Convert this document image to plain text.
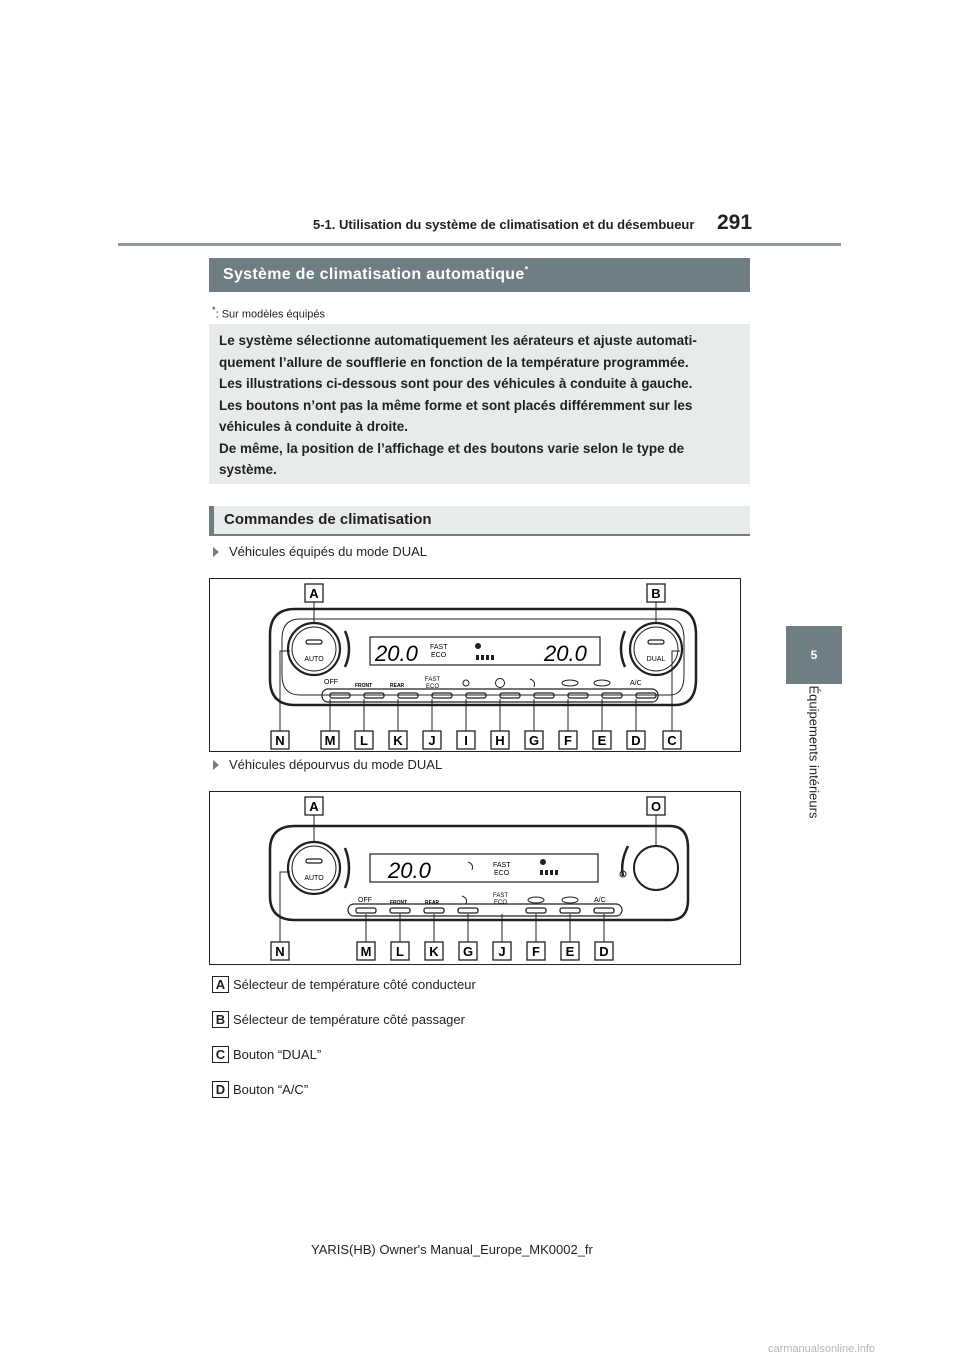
291
5-1. Utilisation du système de climatisation et du désembueur
5
Équipements intérieurs
Système de climatisation automatique*
*: Sur modèles équipés

Le système sélectionne automatiquement les aérateurs et ajuste automati-

quement l’allure de soufflerie en fonction de la température programmée.

Les illustrations ci-dessous sont pour des véhicules à conduite à gauche.

Les boutons n’ont pas la même forme et sont placés différemment sur les

véhicules à conduite à droite.

De même, la position de l’affichage et des boutons varie selon le type de

système.

Commandes de climatisation
Véhicules équipés du mode DUAL
AUTO	DUAL
20.0	20.0
FAST
ECO
OFF	FRONT	REAR
FAST
ECO	A/C
A	B
N	M L K J I H G F E D C
Véhicules dépourvus du mode DUAL
AUTO	20.0	FAST
ECO
OFF	FRONT	REAR
FAST
ECO	A/C
A	O
N	M L K G J F E D
A Sélecteur de température côté conducteur
B Sélecteur de température côté passager
C Bouton “DUAL”
D Bouton “A/C”
YARIS(HB) Owner's Manual_Europe_MK0002_fr
carmanualsonline.info
